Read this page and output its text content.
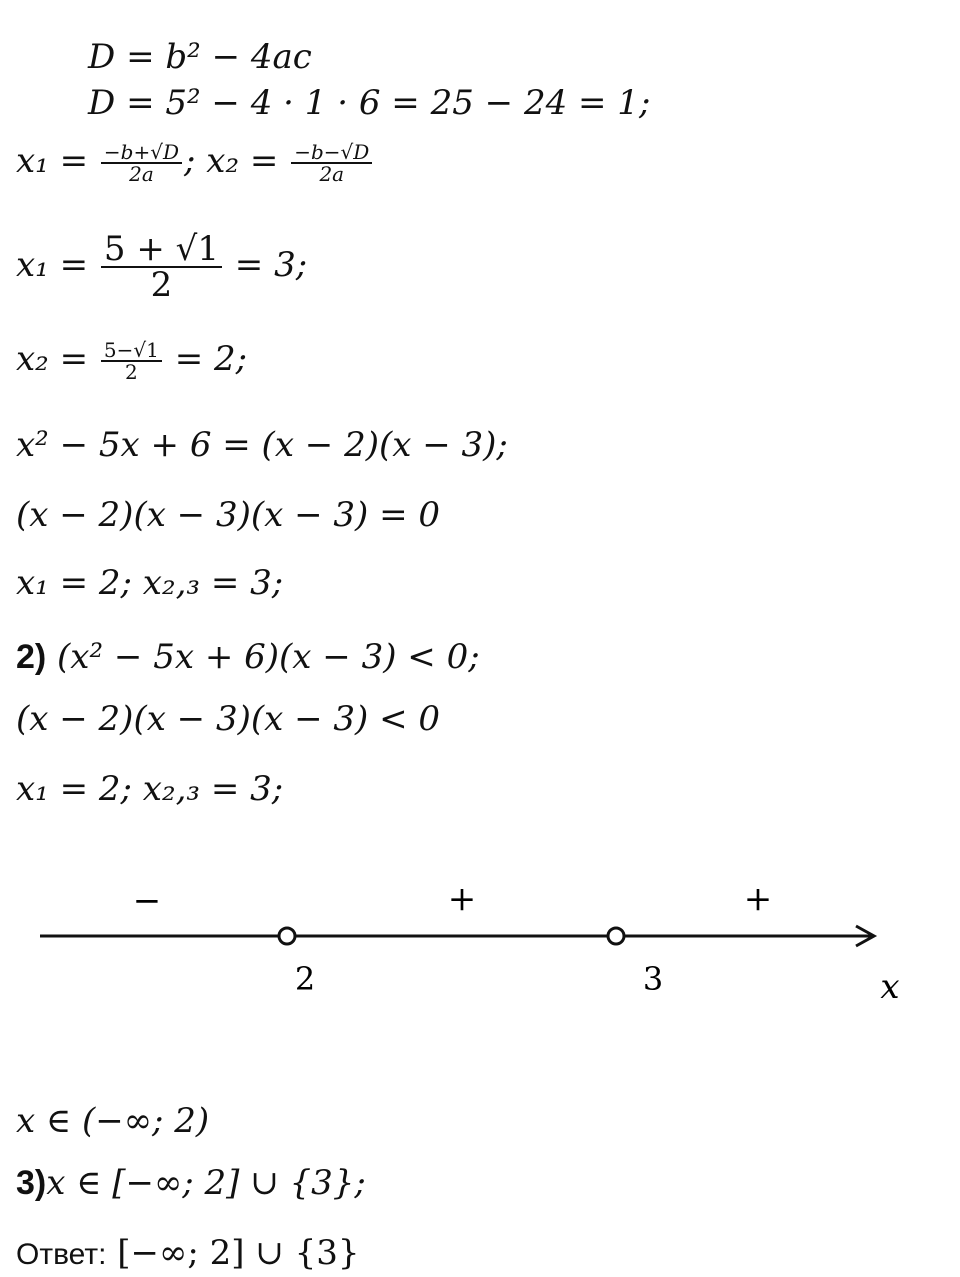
D = b² − 4ac
D = 5² − 4 · 1 · 6 = 25 − 24 = 1;
$x_1 = \frac{-b+√D}{2a}$ ; $x_2 = \frac{-b-√D}{2a}$
$x_1 = \frac{5 + √1}{2} = 3$;
$x_2 = \frac{5-√1}{2} = 2$;
x² − 5x + 6 = (x − 2)(x − 3);
(x − 2)(x − 3)(x − 3) = 0
x₁ = 2; x₂,₃ = 3;
2) (x² − 5x + 6)(x − 3) < 0;
(x − 2)(x − 3)(x − 3) < 0
x₁ = 2; x₂,₃ = 3;
−	+	+
2	3	x
x ∈ (−∞; 2)
3)x ∈ [−∞; 2] ∪ {3};
Ответ: [−∞; 2] ∪ {3}
